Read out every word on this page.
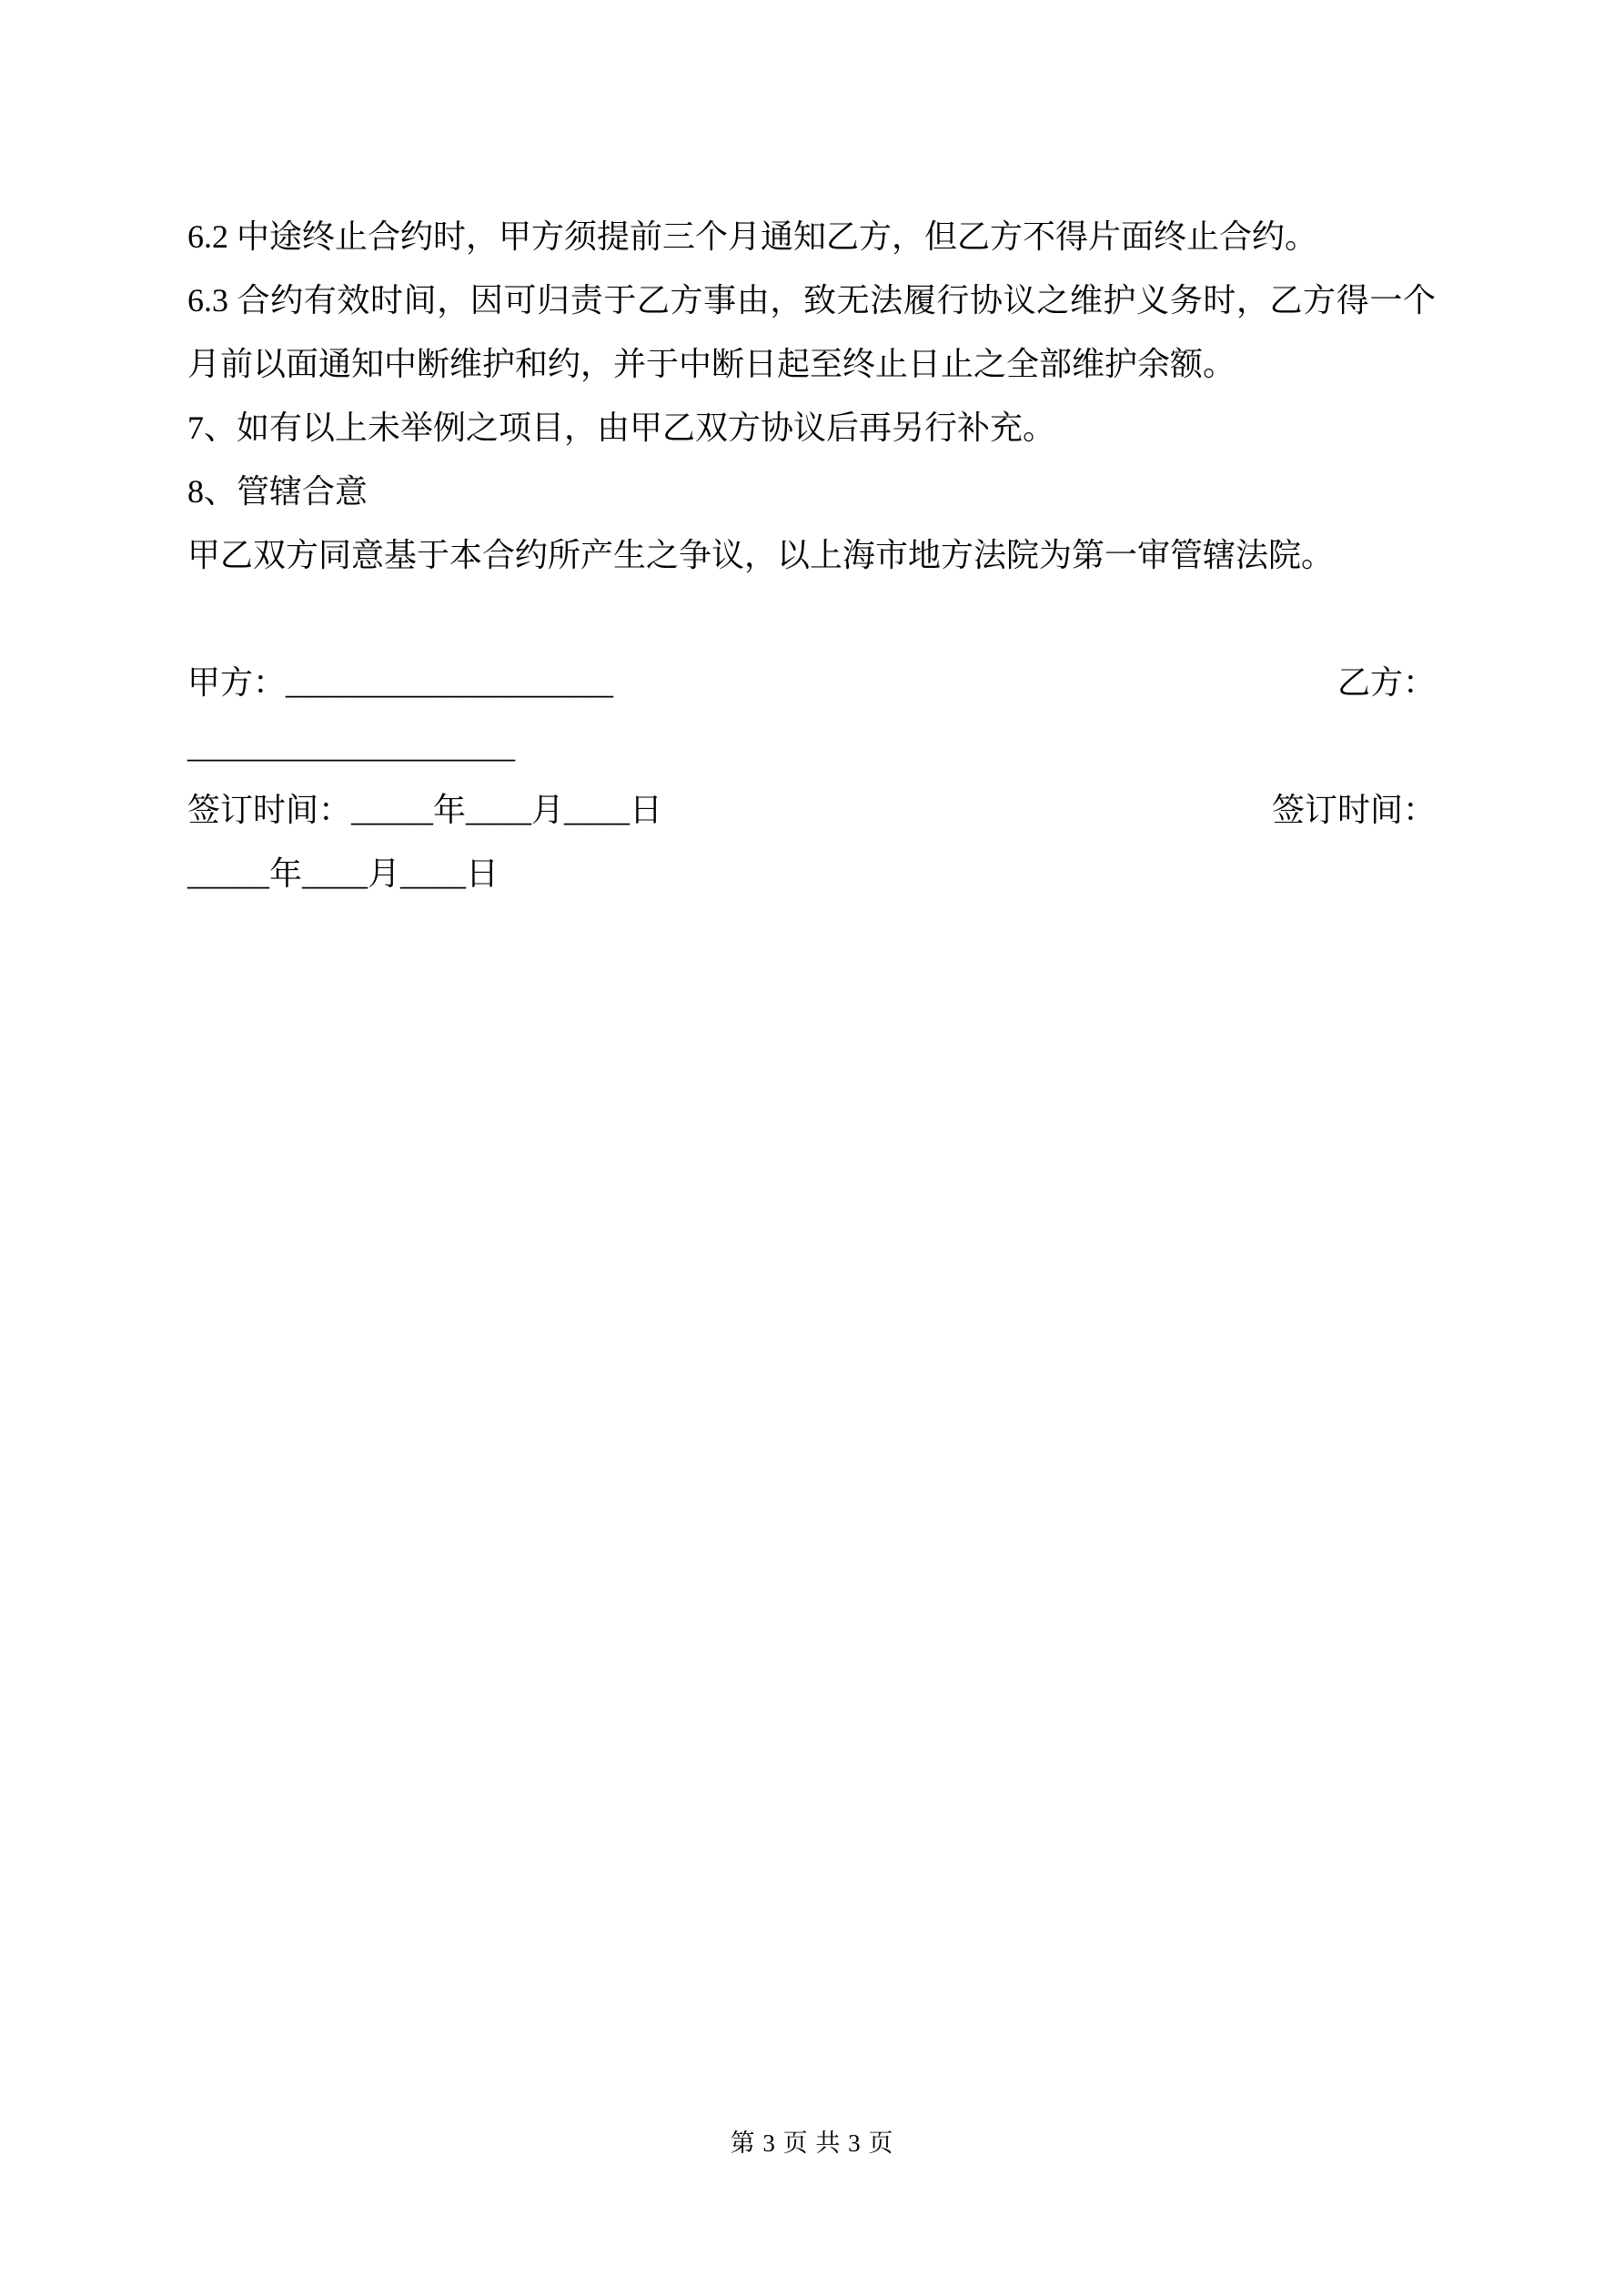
6.2 中途终止合约时，甲方须提前三个月通知乙方，但乙方不得片面终止合约。

6.3 合约有效时间，因可归责于乙方事由，致无法履行协议之维护义务时，乙方得一个

月前以面通知中断维护和约，并于中断日起至终止日止之全部维护余额。

7、如有以上未举例之项目，由甲乙双方协议后再另行补充。

8、管辖合意

甲乙双方同意基于本合约所产生之争议，以上海市地方法院为第一审管辖法院。

甲方：____________________	乙方：

____________________

签订时间：_____年____月____日	签订时间：

_____年____月____日

第 3 页 共 3 页
